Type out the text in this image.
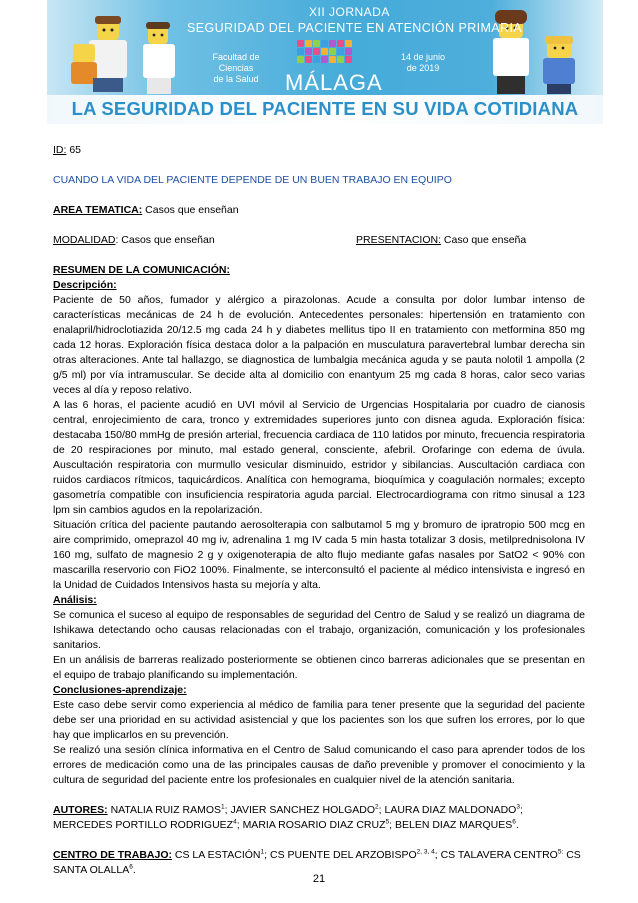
XII JORNADA
SEGURIDAD DEL PACIENTE EN ATENCIÓN PRIMARIA
Facultad de Ciencias
de la Salud
14 de junio
de 2019
MÁLAGA
LA SEGURIDAD DEL PACIENTE EN SU VIDA COTIDIANA

ID: 65

CUANDO LA VIDA DEL PACIENTE DEPENDE DE UN BUEN TRABAJO EN EQUIPO

AREA TEMATICA: Casos que enseñan

MODALIDAD: Casos que enseñan	PRESENTACION: Caso que enseña

RESUMEN DE LA COMUNICACIÓN:

Descripción:

Paciente de 50 años, fumador y alérgico a pirazolonas. Acude a consulta por dolor lumbar intenso de características mecánicas de 24 h de evolución. Antecedentes personales: hipertensión en tratamiento con enalapril/hidroclotiazida 20/12.5 mg cada 24 h y diabetes mellitus tipo II en tratamiento con metformina 850 mg cada 12 horas. Exploración física destaca dolor a la palpación en musculatura paravertebral lumbar derecha sin otras alteraciones. Ante tal hallazgo, se diagnostica de lumbalgia mecánica aguda y se pauta nolotil 1 ampolla (2 g/5 ml) por vía intramuscular. Se decide alta al domicilio con enantyum 25 mg cada 8 horas, calor seco varias veces al día y reposo relativo.

A las 6 horas, el paciente acudió en UVI móvil al Servicio de Urgencias Hospitalaria por cuadro de cianosis central, enrojecimiento de cara, tronco y extremidades superiores junto con disnea aguda. Exploración física: destacaba 150/80 mmHg de presión arterial, frecuencia cardiaca de 110 latidos por minuto, frecuencia respiratoria de 20 respiraciones por minuto, mal estado general, consciente, afebril. Orofaringe con edema de úvula. Auscultación respiratoria con murmullo vesicular disminuido, estridor y sibilancias. Auscultación cardiaca con ruidos cardiacos rítmicos, taquicárdicos. Analítica con hemograma, bioquímica y coagulación normales; excepto gasometría compatible con insuficiencia respiratoria aguda parcial. Electrocardiograma con ritmo sinusal a 123 lpm sin cambios agudos en la repolarización.

Situación crítica del paciente pautando aerosolterapia con salbutamol 5 mg y bromuro de ipratropio 500 mcg en aire comprimido, omeprazol 40 mg iv, adrenalina 1 mg IV cada 5 min hasta totalizar 3 dosis, metilprednisolona IV 160 mg, sulfato de magnesio 2 g y oxigenoterapia de alto flujo mediante gafas nasales por SatO2 < 90% con mascarilla reservorio con FiO2 100%. Finalmente, se interconsultó el paciente al médico intensivista e ingresó en la Unidad de Cuidados Intensivos hasta su mejoría y alta.

Análisis:

Se comunica el suceso al equipo de responsables de seguridad del Centro de Salud y se realizó un diagrama de Ishikawa detectando ocho causas relacionadas con el trabajo, organización, comunicación y los profesionales sanitarios.

En un análisis de barreras realizado posteriormente se obtienen cinco barreras adicionales que se presentan en el equipo de trabajo planificando su implementación.

Conclusiones-aprendizaje:

Este caso debe servir como experiencia al médico de familia para tener presente que la seguridad del paciente debe ser una prioridad en su actividad asistencial y que los pacientes son los que sufren los errores, por lo que hay que implicarlos en su prevención.

Se realizó una sesión clínica informativa en el Centro de Salud comunicando el caso para aprender todos de los errores de medicación como una de las principales causas de daño prevenible y promover el conocimiento y la cultura de seguridad del paciente entre los profesionales en cualquier nivel de la atención sanitaria.

AUTORES: NATALIA RUIZ RAMOS$^1$; JAVIER SANCHEZ HOLGADO$^2$; LAURA DIAZ MALDONADO$^3$; MERCEDES PORTILLO RODRIGUEZ$^4$; MARIA ROSARIO DIAZ CRUZ$^5$; BELEN DIAZ MARQUES$^6$.

CENTRO DE TRABAJO: CS LA ESTACIÓN$^1$; CS PUENTE DEL ARZOBISPO$^{2, 3, 4}$; CS TALAVERA $CENTRO^{5:}$ CS SANTA OLALLA$^6$.

21
